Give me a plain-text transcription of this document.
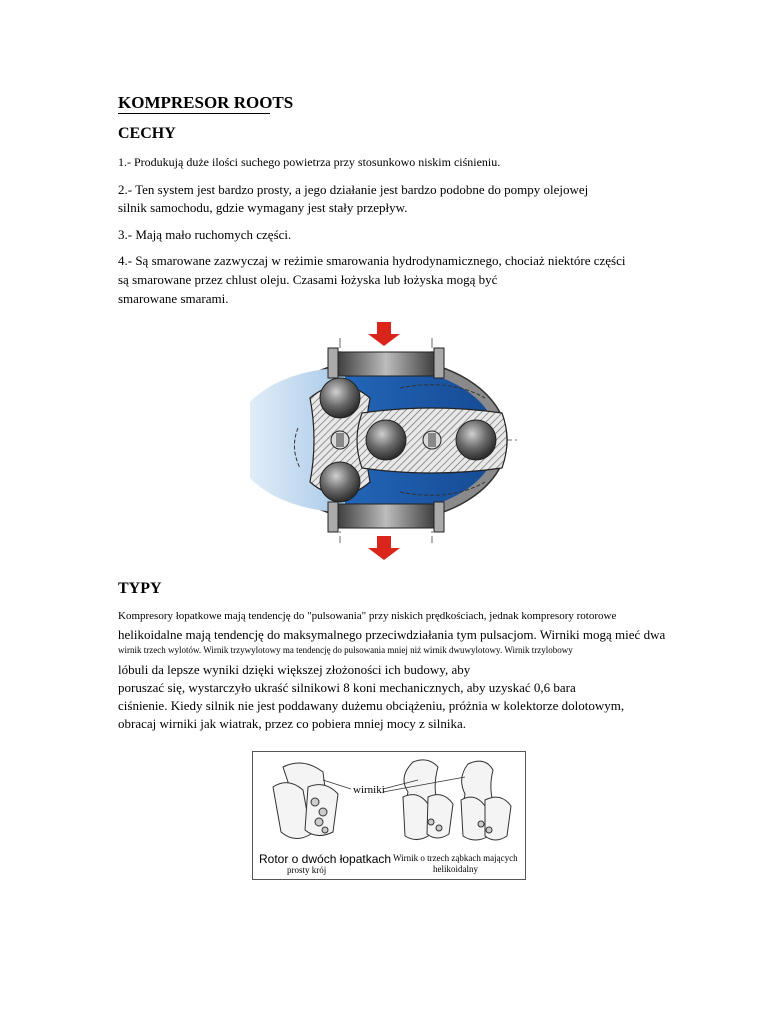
KOMPRESOR ROOTS
CECHY
1.- Produkują duże ilości suchego powietrza przy stosunkowo niskim ciśnieniu.
2.- Ten system jest bardzo prosty, a jego działanie jest bardzo podobne do pompy olejowej
silnik samochodu, gdzie wymagany jest stały przepływ.
3.- Mają mało ruchomych części.
4.- Są smarowane zazwyczaj w reżimie smarowania hydrodynamicznego, chociaż niektóre części
są smarowane przez chlust oleju. Czasami łożyska lub łożyska mogą być
smarowane smarami.
TYPY
Kompresory łopatkowe mają tendencję do "pulsowania" przy niskich prędkościach, jednak kompresory rotorowe
helikoidalne mają tendencję do maksymalnego przeciwdziałania tym pulsacjom. Wirniki mogą mieć dwa
wirnik trzech wylotów. Wirnik trzywylotowy ma tendencję do pulsowania mniej niż wirnik dwuwylotowy. Wirnik trzylobowy
lóbuli da lepsze wyniki dzięki większej złożoności ich budowy, aby
poruszać się, wystarczyło ukraść silnikowi 8 koni mechanicznych, aby uzyskać 0,6 bara
ciśnienie. Kiedy silnik nie jest poddawany dużemu obciążeniu, próżnia w kolektorze dolotowym,
obracaj wirniki jak wiatrak, przez co pobiera mniej mocy z silnika.
wirniki
Rotor o dwóch łopatkach
prosty krój
Wirnik o trzech ząbkach mających
helikoidalny
